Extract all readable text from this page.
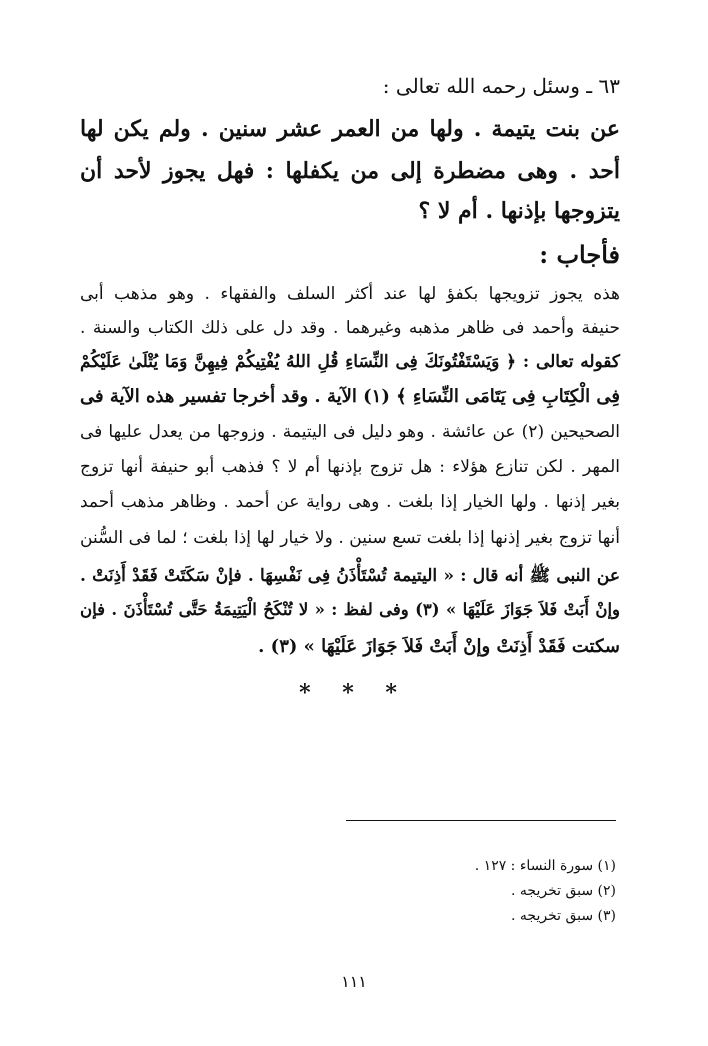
٦٣ ـ وسئل رحمه الله تعالى :
عن بنت يتيمة . ولها من العمر عشر سنين . ولم يكن لها
أحد . وهى مضطرة إلى من يكفلها : فهل يجوز لأحد أن
يتزوجها بإذنها . أم لا ؟
فأجاب :
هذه يجوز تزويجها بكفؤ لها عند أكثر السلف والفقهاء . وهو مذهب أبى
حنيفة وأحمد فى ظاهر مذهبه وغيرهما . وقد دل على ذلك الكتاب والسنة .
كقوله تعالى : ﴿ وَيَسْتَفْتُونَكَ فِى النِّسَاءِ قُلِ اللهُ يُفْتِيكُمْ فِيهِنَّ وَمَا يُتْلَىٰ عَلَيْكُمْ
فِى الْكِتَابِ فِى يَتَامَى النِّسَاءِ ﴾ (١) الآية . وقد أخرجا تفسير هذه الآية فى
الصحيحين (٢) عن عائشة . وهو دليل فى اليتيمة . وزوجها من يعدل عليها فى
المهر . لكن تنازع هؤلاء : هل تزوج بإذنها أم لا ؟ فذهب أبو حنيفة أنها تزوج
بغير إذنها . ولها الخيار إذا بلغت . وهى رواية عن أحمد . وظاهر مذهب أحمد
أنها تزوج بغير إذنها إذا بلغت تسع سنين . ولا خيار لها إذا بلغت ؛ لما فى السُّنن
عن النبى ﷺ أنه قال : « اليتيمة تُسْتَأْذَنُ فِى نَفْسِهَا . فإنْ سَكَتَتْ فَقَدْ أَذِنَتْ .
وإنْ أَبَتْ فَلاَ جَوَازَ عَلَيْهَا » (٣) وفى لفظ : « لا تُنْكَحُ الْيَتِيمَةُ حَتَّى تُسْتَأْذَنَ . فإن
سكتت فَقَدْ أَذِنَتْ وإنْ أَبَتْ فَلاَ جَوَازَ عَلَيْهَا » (٣) .
* * *
(١) سورة النساء : ١٢٧ .
(٢) سبق تخريجه .
(٣) سبق تخريجه .
١١١
